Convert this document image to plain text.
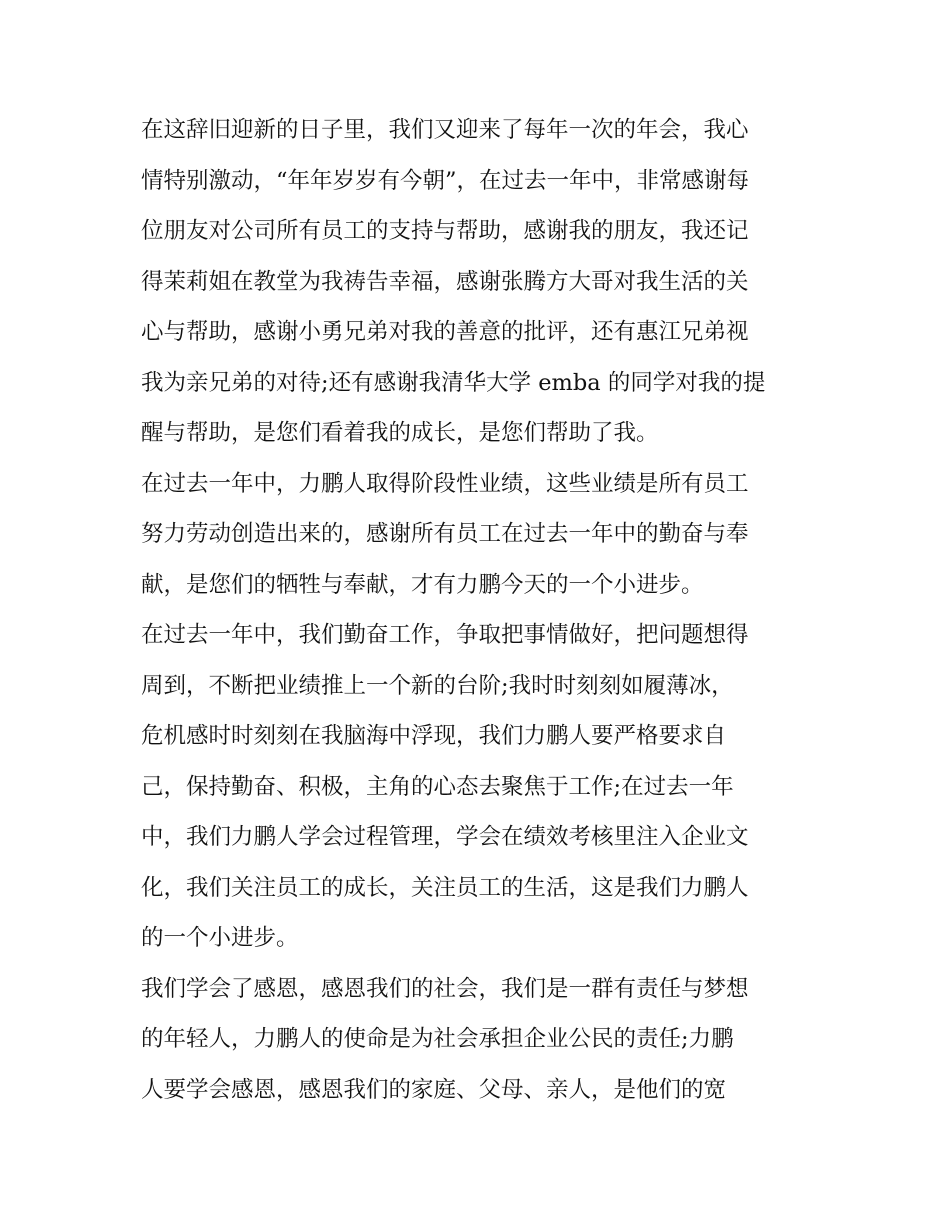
在这辞旧迎新的日子里，我们又迎来了每年一次的年会，我心
情特别激动，“年年岁岁有今朝”，在过去一年中，非常感谢每
位朋友对公司所有员工的支持与帮助，感谢我的朋友，我还记
得茉莉姐在教堂为我祷告幸福，感谢张腾方大哥对我生活的关
心与帮助，感谢小勇兄弟对我的善意的批评，还有惠江兄弟视
我为亲兄弟的对待;还有感谢我清华大学 emba 的同学对我的提
醒与帮助，是您们看着我的成长，是您们帮助了我。

在过去一年中，力鹏人取得阶段性业绩，这些业绩是所有员工
努力劳动创造出来的，感谢所有员工在过去一年中的勤奋与奉
献，是您们的牺牲与奉献，才有力鹏今天的一个小进步。

在过去一年中，我们勤奋工作，争取把事情做好，把问题想得
周到，不断把业绩推上一个新的台阶;我时时刻刻如履薄冰，
危机感时时刻刻在我脑海中浮现，我们力鹏人要严格要求自
己，保持勤奋、积极，主角的心态去聚焦于工作;在过去一年
中，我们力鹏人学会过程管理，学会在绩效考核里注入企业文
化，我们关注员工的成长，关注员工的生活，这是我们力鹏人
的一个小进步。

我们学会了感恩，感恩我们的社会，我们是一群有责任与梦想
的年轻人，力鹏人的使命是为社会承担企业公民的责任;力鹏
人要学会感恩，感恩我们的家庭、父母、亲人，是他们的宽
